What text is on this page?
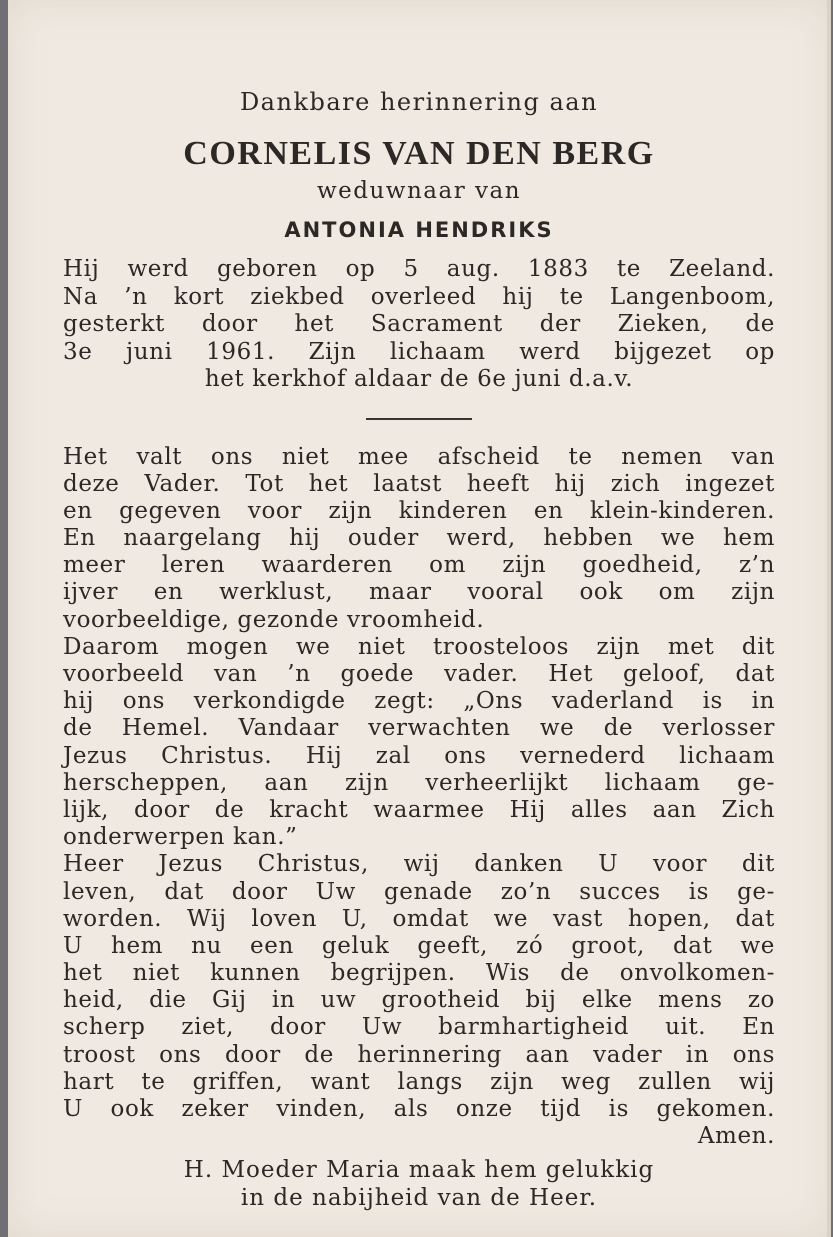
Dankbare herinnering aan
CORNELIS VAN DEN BERG
weduwnaar van
ANTONIA HENDRIKS
Hij werd geboren op 5 aug. 1883 te Zeeland.
Na ’n kort ziekbed overleed hij te Langenboom,
gesterkt door het Sacrament der Zieken, de
3e juni 1961. Zijn lichaam werd bijgezet op
het kerkhof aldaar de 6e juni d.a.v.
Het valt ons niet mee afscheid te nemen van
deze Vader. Tot het laatst heeft hij zich ingezet
en gegeven voor zijn kinderen en klein-kinderen.
En naargelang hij ouder werd, hebben we hem
meer leren waarderen om zijn goedheid, z’n
ijver en werklust, maar vooral ook om zijn
voorbeeldige, gezonde vroomheid.
Daarom mogen we niet troosteloos zijn met dit
voorbeeld van ’n goede vader. Het geloof, dat
hij ons verkondigde zegt: „Ons vaderland is in
de Hemel. Vandaar verwachten we de verlosser
Jezus Christus. Hij zal ons vernederd lichaam
herscheppen, aan zijn verheerlijkt lichaam ge-
lijk, door de kracht waarmee Hij alles aan Zich
onderwerpen kan.”
Heer Jezus Christus, wij danken U voor dit
leven, dat door Uw genade zo’n succes is ge-
worden. Wij loven U, omdat we vast hopen, dat
U hem nu een geluk geeft, zó groot, dat we
het niet kunnen begrijpen. Wis de onvolkomen-
heid, die Gij in uw grootheid bij elke mens zo
scherp ziet, door Uw barmhartigheid uit. En
troost ons door de herinnering aan vader in ons
hart te griffen, want langs zijn weg zullen wij
U ook zeker vinden, als onze tijd is gekomen.
Amen.
H. Moeder Maria maak hem gelukkig
in de nabijheid van de Heer.
